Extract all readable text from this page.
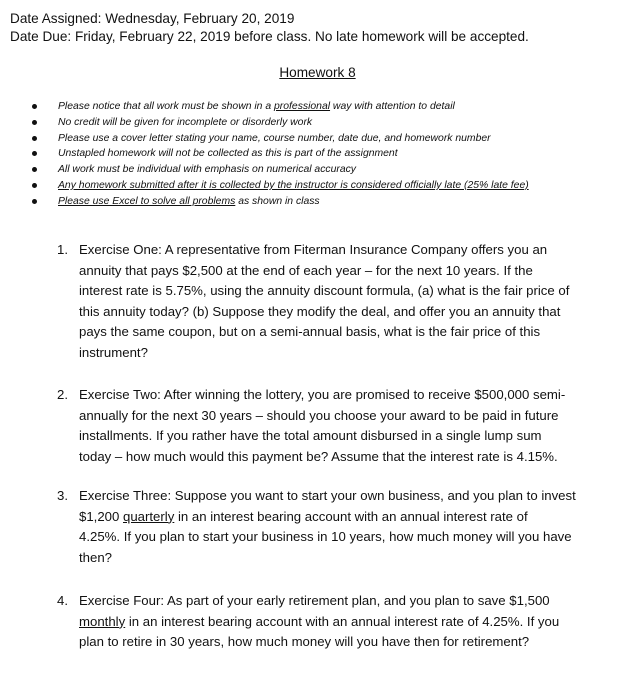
Date Assigned: Wednesday, February 20, 2019
Date Due: Friday, February 22, 2019 before class. No late homework will be accepted.
Homework 8
Please notice that all work must be shown in a professional way with attention to detail
No credit will be given for incomplete or disorderly work
Please use a cover letter stating your name, course number, date due, and homework number
Unstapled homework will not be collected as this is part of the assignment
All work must be individual with emphasis on numerical accuracy
Any homework submitted after it is collected by the instructor is considered officially late (25% late fee)
Please use Excel to solve all problems as shown in class
1. Exercise One: A representative from Fiterman Insurance Company offers you an
annuity that pays $2,500 at the end of each year – for the next 10 years. If the
interest rate is 5.75%, using the annuity discount formula, (a) what is the fair price of
this annuity today? (b) Suppose they modify the deal, and offer you an annuity that
pays the same coupon, but on a semi-annual basis, what is the fair price of this
instrument?
2. Exercise Two: After winning the lottery, you are promised to receive $500,000 semi-
annually for the next 30 years – should you choose your award to be paid in future
installments. If you rather have the total amount disbursed in a single lump sum
today – how much would this payment be? Assume that the interest rate is 4.15%.
3. Exercise Three: Suppose you want to start your own business, and you plan to invest
$1,200 quarterly in an interest bearing account with an annual interest rate of
4.25%. If you plan to start your business in 10 years, how much money will you have
then?
4. Exercise Four: As part of your early retirement plan, and you plan to save $1,500
monthly in an interest bearing account with an annual interest rate of 4.25%. If you
plan to retire in 30 years, how much money will you have then for retirement?
